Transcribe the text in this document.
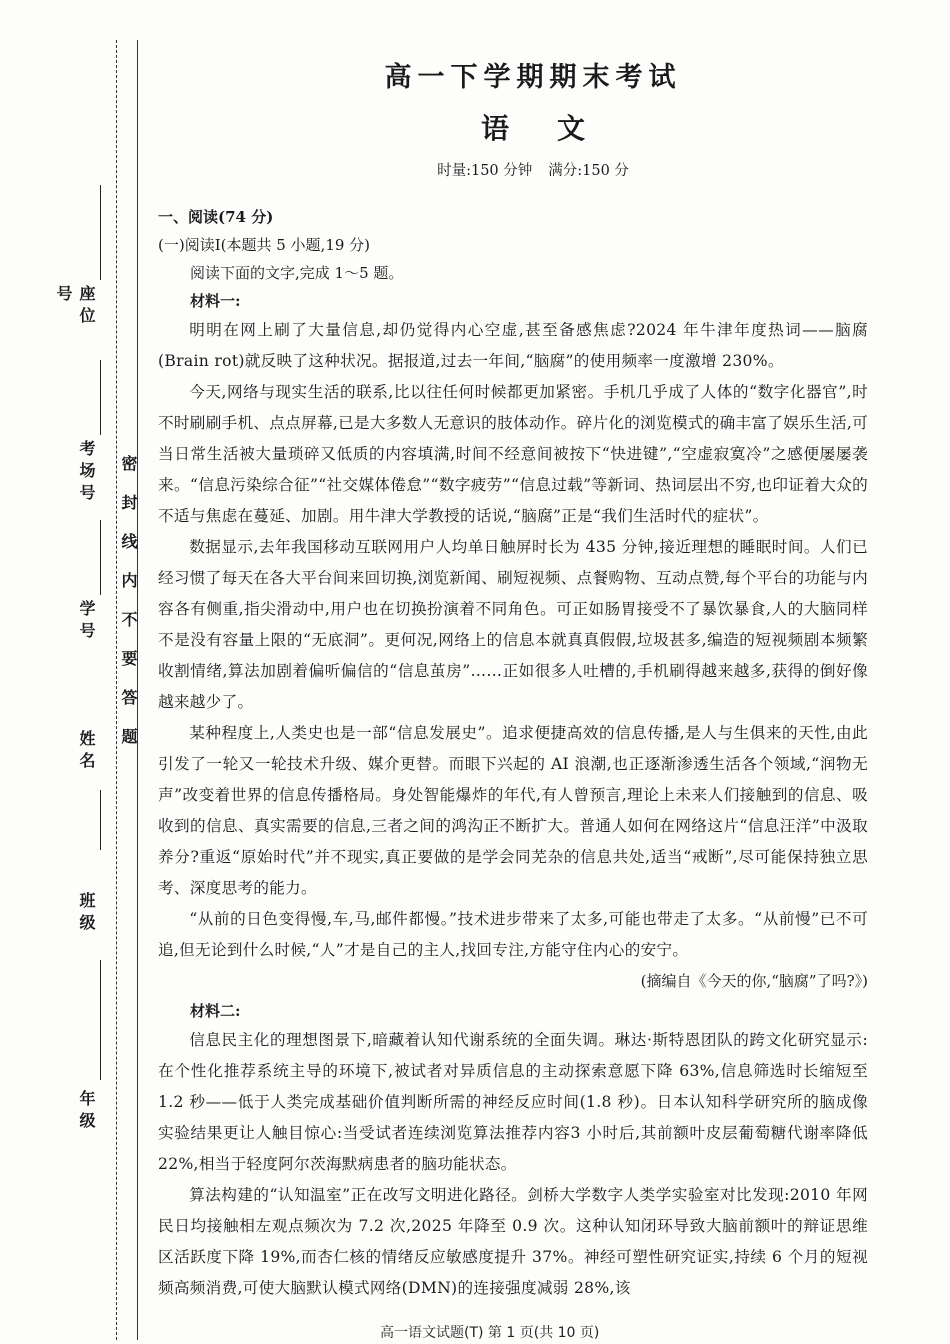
座位号
考场号
学号
姓名
班级
年级
密封线内不要答题
高一下学期期末考试
语 文
时量:150 分钟 满分:150 分
一、阅读(74 分)
(一)阅读Ⅰ(本题共 5 小题,19 分)
阅读下面的文字,完成 1～5 题。
材料一:

明明在网上刷了大量信息,却仍觉得内心空虚,甚至备感焦虑?2024 年牛津年度热词——脑腐(Brain rot)就反映了这种状况。据报道,过去一年间,“脑腐”的使用频率一度激增 230%。

今天,网络与现实生活的联系,比以往任何时候都更加紧密。手机几乎成了人体的“数字化器官”,时不时刷刷手机、点点屏幕,已是大多数人无意识的肢体动作。碎片化的浏览模式的确丰富了娱乐生活,可当日常生活被大量琐碎又低质的内容填满,时间不经意间被按下“快进键”,“空虚寂寞冷”之感便屡屡袭来。“信息污染综合征”“社交媒体倦怠”“数字疲劳”“信息过载”等新词、热词层出不穷,也印证着大众的不适与焦虑在蔓延、加剧。用牛津大学教授的话说,“脑腐”正是“我们生活时代的症状”。

数据显示,去年我国移动互联网用户人均单日触屏时长为 435 分钟,接近理想的睡眠时间。人们已经习惯了每天在各大平台间来回切换,浏览新闻、刷短视频、点餐购物、互动点赞,每个平台的功能与内容各有侧重,指尖滑动中,用户也在切换扮演着不同角色。可正如肠胃接受不了暴饮暴食,人的大脑同样不是没有容量上限的“无底洞”。更何况,网络上的信息本就真真假假,垃圾甚多,编造的短视频剧本频繁收割情绪,算法加剧着偏听偏信的“信息茧房”……正如很多人吐槽的,手机刷得越来越多,获得的倒好像越来越少了。

某种程度上,人类史也是一部“信息发展史”。追求便捷高效的信息传播,是人与生俱来的天性,由此引发了一轮又一轮技术升级、媒介更替。而眼下兴起的 AI 浪潮,也正逐渐渗透生活各个领域,“润物无声”改变着世界的信息传播格局。身处智能爆炸的年代,有人曾预言,理论上未来人们接触到的信息、吸收到的信息、真实需要的信息,三者之间的鸿沟正不断扩大。普通人如何在网络这片“信息汪洋”中汲取养分?重返“原始时代”并不现实,真正要做的是学会同芜杂的信息共处,适当“戒断”,尽可能保持独立思考、深度思考的能力。

“从前的日色变得慢,车,马,邮件都慢。”技术进步带来了太多,可能也带走了太多。“从前慢”已不可追,但无论到什么时候,“人”才是自己的主人,找回专注,方能守住内心的安宁。

(摘编自《今天的你,“脑腐”了吗?》)
材料二:

信息民主化的理想图景下,暗藏着认知代谢系统的全面失调。琳达·斯特恩团队的跨文化研究显示:在个性化推荐系统主导的环境下,被试者对异质信息的主动探索意愿下降 63%,信息筛选时长缩短至 1.2 秒——低于人类完成基础价值判断所需的神经反应时间(1.8 秒)。日本认知科学研究所的脑成像实验结果更让人触目惊心:当受试者连续浏览算法推荐内容3 小时后,其前额叶皮层葡萄糖代谢率降低 22%,相当于轻度阿尔茨海默病患者的脑功能状态。

算法构建的“认知温室”正在改写文明进化路径。剑桥大学数字人类学实验室对比发现:2010 年网民日均接触相左观点频次为 7.2 次,2025 年降至 0.9 次。这种认知闭环导致大脑前额叶的辩证思维区活跃度下降 19%,而杏仁核的情绪反应敏感度提升 37%。神经可塑性研究证实,持续 6 个月的短视频高频消费,可使大脑默认模式网络(DMN)的连接强度减弱 28%,该

高一语文试题(T) 第 1 页(共 10 页)
